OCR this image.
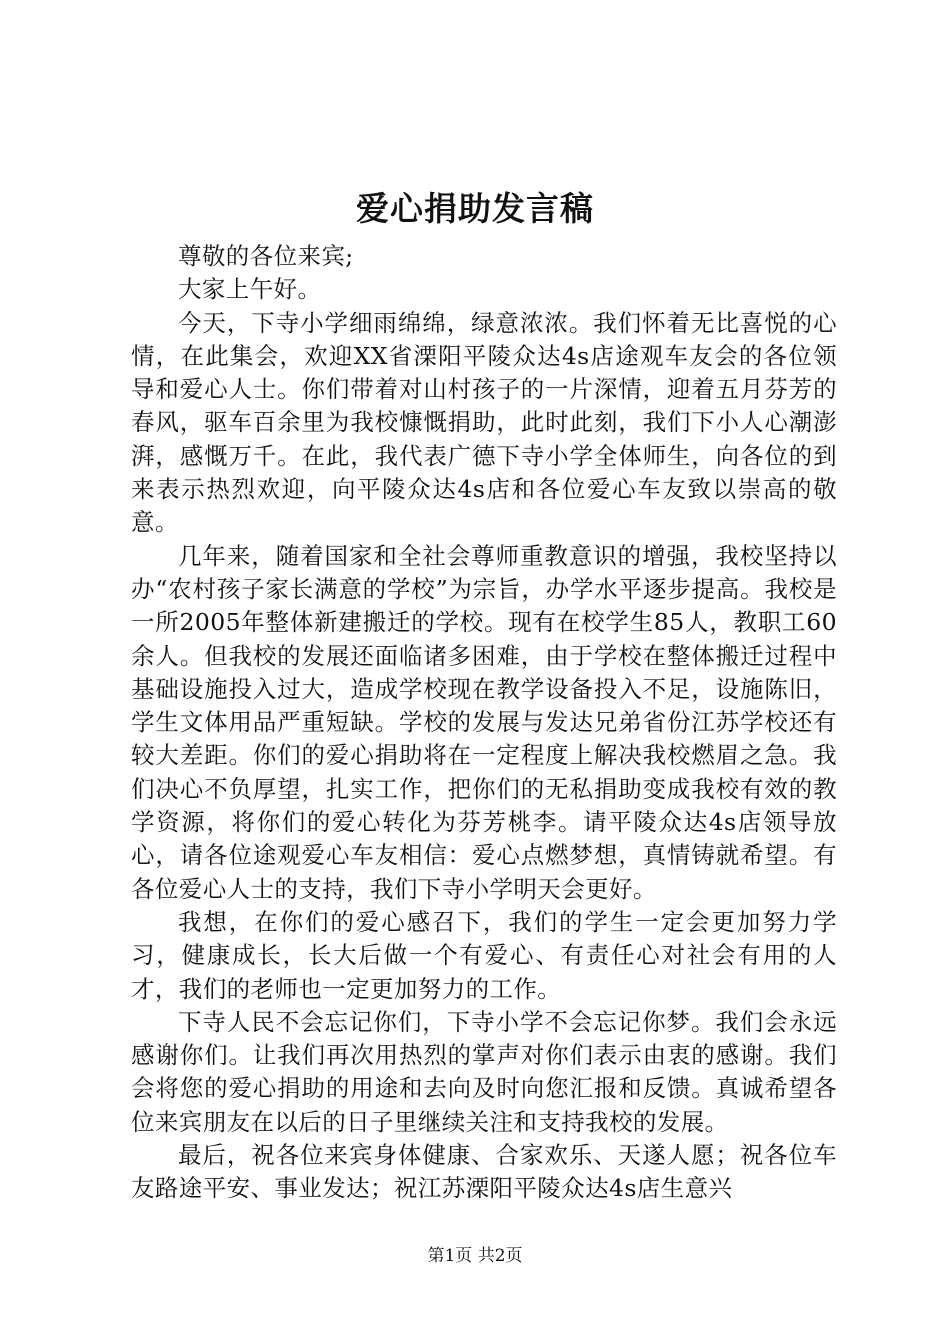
爱心捐助发言稿

尊敬的各位来宾;

大家上午好。

今天，下寺小学细雨绵绵，绿意浓浓。我们怀着无比喜悦的心情，在此集会，欢迎XX省溧阳平陵众达4s店途观车友会的各位领导和爱心人士。你们带着对山村孩子的一片深情，迎着五月芬芳的春风，驱车百余里为我校慷慨捐助，此时此刻，我们下小人心潮澎湃，感慨万千。在此，我代表广德下寺小学全体师生，向各位的到来表示热烈欢迎，向平陵众达4s店和各位爱心车友致以崇高的敬意。

几年来，随着国家和全社会尊师重教意识的增强，我校坚持以办“农村孩子家长满意的学校”为宗旨，办学水平逐步提高。我校是一所2005年整体新建搬迁的学校。现有在校学生85人，教职工60余人。但我校的发展还面临诸多困难，由于学校在整体搬迁过程中基础设施投入过大，造成学校现在教学设备投入不足，设施陈旧，学生文体用品严重短缺。学校的发展与发达兄弟省份江苏学校还有较大差距。你们的爱心捐助将在一定程度上解决我校燃眉之急。我们决心不负厚望，扎实工作，把你们的无私捐助变成我校有效的教学资源，将你们的爱心转化为芬芳桃李。请平陵众达4s店领导放心，请各位途观爱心车友相信：爱心点燃梦想，真情铸就希望。有各位爱心人士的支持，我们下寺小学明天会更好。

我想，在你们的爱心感召下，我们的学生一定会更加努力学习，健康成长，长大后做一个有爱心、有责任心对社会有用的人才，我们的老师也一定更加努力的工作。

下寺人民不会忘记你们，下寺小学不会忘记你梦。我们会永远感谢你们。让我们再次用热烈的掌声对你们表示由衷的感谢。我们会将您的爱心捐助的用途和去向及时向您汇报和反馈。真诚希望各位来宾朋友在以后的日子里继续关注和支持我校的发展。

最后，祝各位来宾身体健康、合家欢乐、天遂人愿；祝各位车友路途平安、事业发达；祝江苏溧阳平陵众达4s店生意兴

第1页 共2页
